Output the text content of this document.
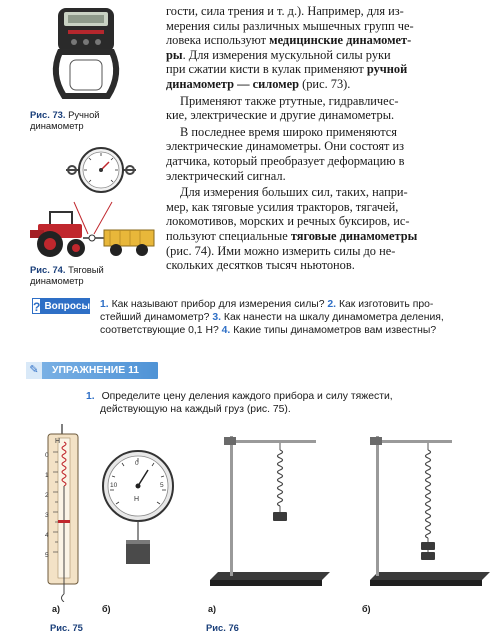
Рис. 73. Ручной
динамометр
Рис. 74. Тяговый
динамометр

гости, сила трения и т. д.). Например, для из-

мерения силы различных мышечных групп че-

ловека используют медицинские динамомет-

ры. Для измерения мускульной силы руки

при сжатии кисти в кулак применяют ручной

динамометр — силомер (рис. 73).

Применяют также ртутные, гидравличес-

кие, электрические и другие динамометры.

В последнее время широко применяются

электрические динамометры. Они состоят из

датчика, который преобразует деформацию в

электрический сигнал.

Для измерения больших сил, таких, напри-

мер, как тяговые усилия тракторов, тягачей,

локомотивов, морских и речных буксиров, ис-

пользуют специальные тяговые динамометры

(рис. 74). Ими можно измерить силы до не-

скольких десятков тысяч ньютонов.

? Вопросы 1. Как называют прибор для измерения силы? 2. Как изготовить про-
стейший динамометр? 3. Как нанести на шкалу динамометра деления,
соответствующие 0,1 Н? 4. Какие типы динамометров вам известны?
✎	УПРАЖНЕНИЕ 11
1. Определите цену деления каждого прибора и силу тяжести,
действующую на каждый груз (рис. 75).
Н
0
1
2
3
4
5
Н
0
5
10
а)	б)	а)	б)
Рис. 75	Рис. 76
